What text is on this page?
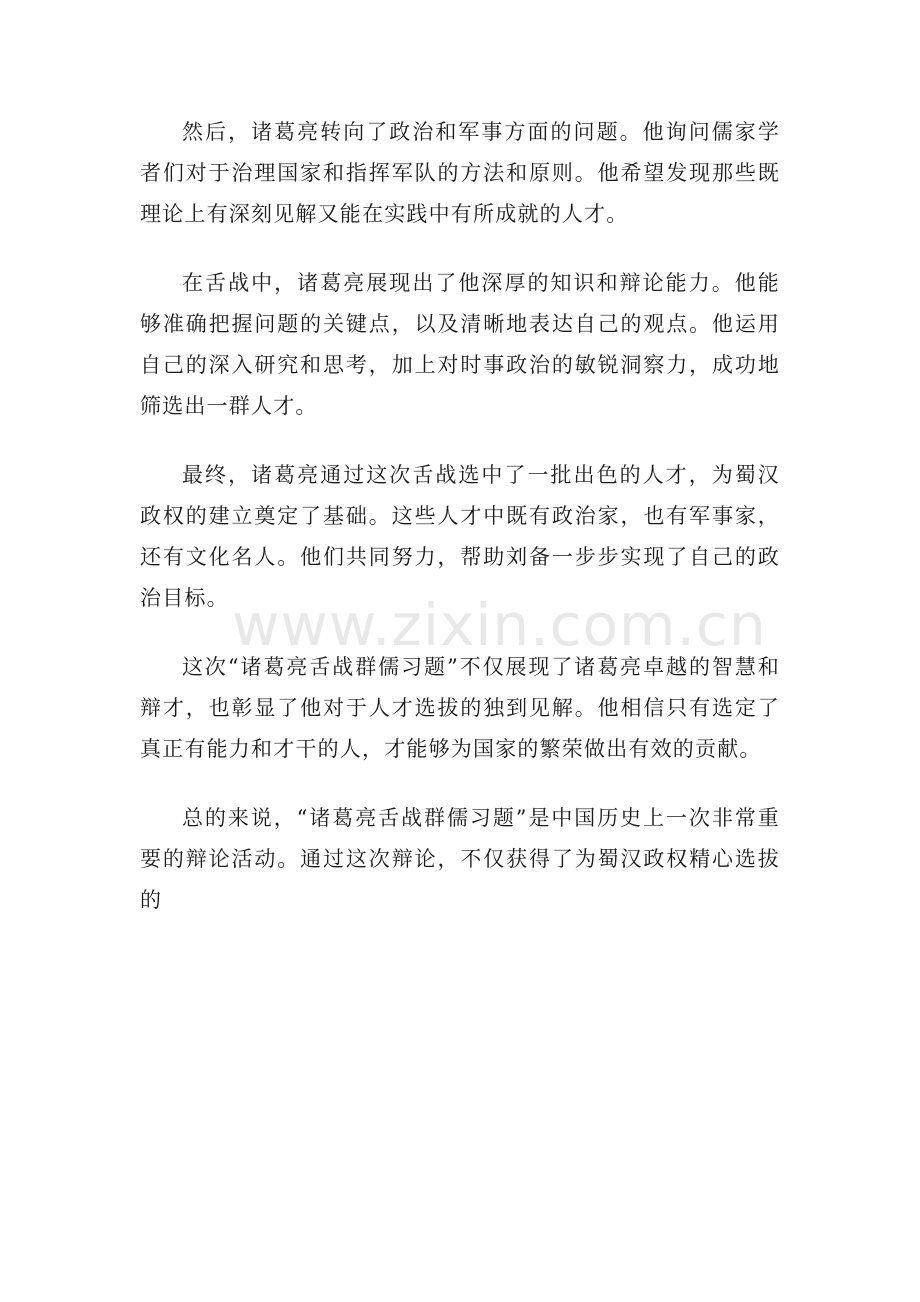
然后，诸葛亮转向了政治和军事方面的问题。他询问儒家学者们对于治理国家和指挥军队的方法和原则。他希望发现那些既理论上有深刻见解又能在实践中有所成就的人才。

在舌战中，诸葛亮展现出了他深厚的知识和辩论能力。他能够准确把握问题的关键点，以及清晰地表达自己的观点。他运用自己的深入研究和思考，加上对时事政治的敏锐洞察力，成功地筛选出一群人才。

最终，诸葛亮通过这次舌战选中了一批出色的人才，为蜀汉政权的建立奠定了基础。这些人才中既有政治家，也有军事家，还有文化名人。他们共同努力，帮助刘备一步步实现了自己的政治目标。

这次“诸葛亮舌战群儒习题”不仅展现了诸葛亮卓越的智慧和辩才，也彰显了他对于人才选拔的独到见解。他相信只有选定了真正有能力和才干的人，才能够为国家的繁荣做出有效的贡献。

总的来说，“诸葛亮舌战群儒习题”是中国历史上一次非常重要的辩论活动。通过这次辩论，不仅获得了为蜀汉政权精心选拔的

www.zixin.com.cn
